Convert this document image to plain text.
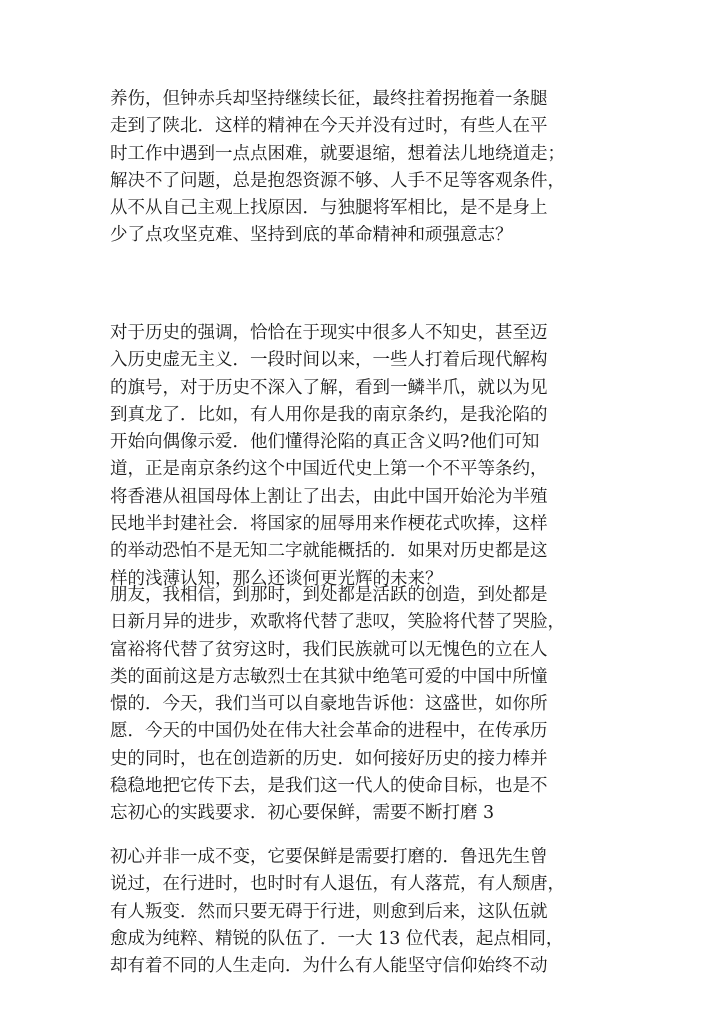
养伤，但钟赤兵却坚持继续长征，最终拄着拐拖着一条腿
走到了陕北．这样的精神在今天并没有过时，有些人在平
时工作中遇到一点点困难，就要退缩，想着法儿地绕道走；
解决不了问题，总是抱怨资源不够、人手不足等客观条件，
从不从自己主观上找原因．与独腿将军相比，是不是身上
少了点攻坚克难、坚持到底的革命精神和顽强意志？

对于历史的强调，恰恰在于现实中很多人不知史，甚至迈
入历史虚无主义．一段时间以来，一些人打着后现代解构
的旗号，对于历史不深入了解，看到一鳞半爪，就以为见
到真龙了．比如，有人用你是我的南京条约，是我沦陷的
开始向偶像示爱．他们懂得沦陷的真正含义吗?他们可知
道，正是南京条约这个中国近代史上第一个不平等条约，
将香港从祖国母体上割让了出去，由此中国开始沦为半殖
民地半封建社会．将国家的屈辱用来作梗花式吹捧，这样
的举动恐怕不是无知二字就能概括的．如果对历史都是这
样的浅薄认知，那么还谈何更光辉的未来？

朋友，我相信，到那时，到处都是活跃的创造，到处都是
日新月异的进步，欢歌将代替了悲叹，笑脸将代替了哭脸，
富裕将代替了贫穷这时，我们民族就可以无愧色的立在人
类的面前这是方志敏烈士在其狱中绝笔可爱的中国中所憧
憬的．今天，我们当可以自豪地告诉他：这盛世，如你所
愿．今天的中国仍处在伟大社会革命的进程中，在传承历
史的同时，也在创造新的历史．如何接好历史的接力棒并
稳稳地把它传下去，是我们这一代人的使命目标，也是不
忘初心的实践要求．初心要保鲜，需要不断打磨 3

初心并非一成不变，它要保鲜是需要打磨的．鲁迅先生曾
说过，在行进时，也时时有人退伍，有人落荒，有人颓唐，
有人叛变．然而只要无碍于行进，则愈到后来，这队伍就
愈成为纯粹、精锐的队伍了．一大 13 位代表，起点相同，
却有着不同的人生走向．为什么有人能坚守信仰始终不动
